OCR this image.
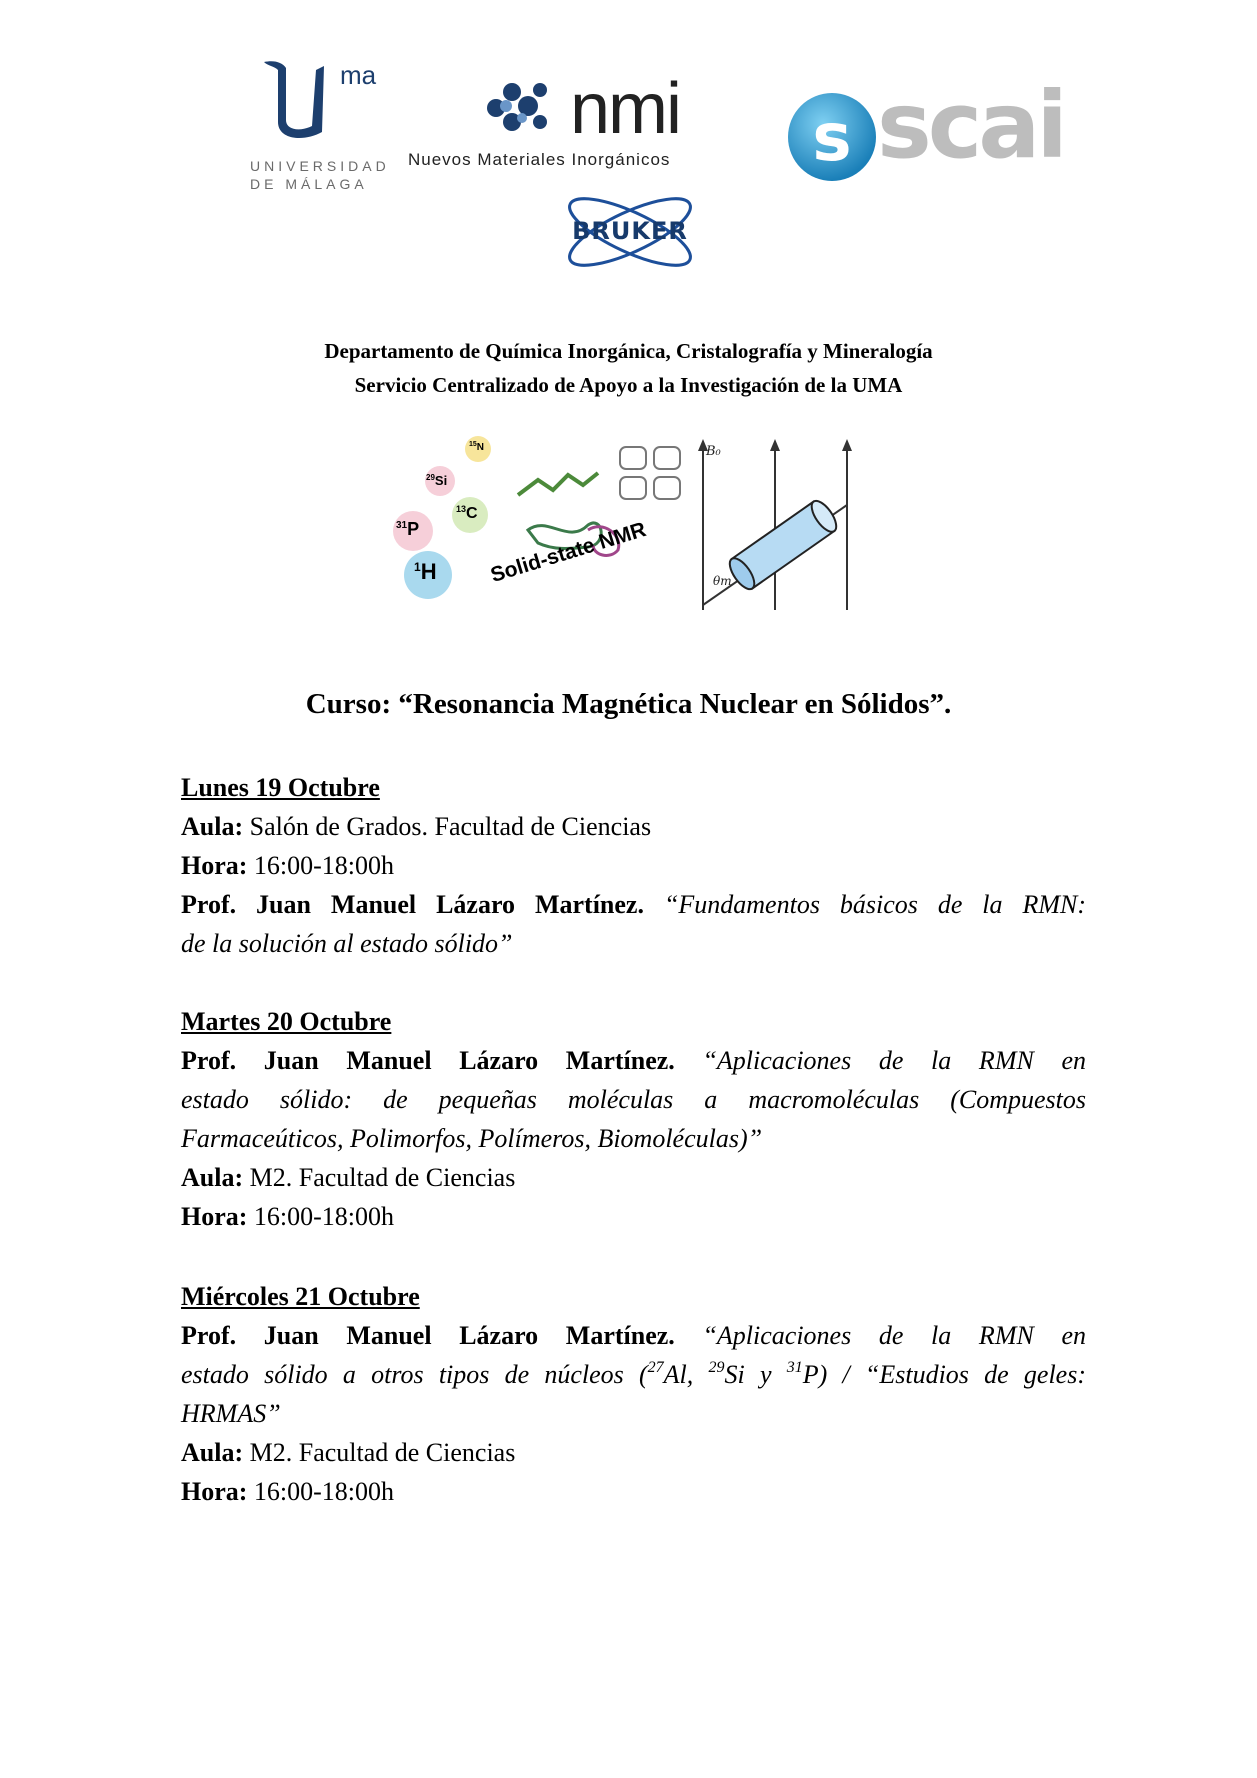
ma
UNIVERSIDAD
DE MÁLAGA
nmi
Nuevos Materiales Inorgánicos s scai
BRUKER
Departamento de Química Inorgánica, Cristalografía y Mineralogía
Servicio Centralizado de Apoyo a la Investigación de la UMA
B₀
θm
$^1$H
$^{31}$P
$^{29}$Si
$^{13}$C
$^{15}$N
Solid-state NMR
Curso: “Resonancia Magnética Nuclear en Sólidos”.
Lunes 19 Octubre
Aula: Salón de Grados. Facultad de Ciencias
Hora: 16:00-18:00h
Prof. Juan Manuel Lázaro Martínez. “Fundamentos básicos de la RMN:
de la solución al estado sólido”
Martes 20 Octubre
Prof. Juan Manuel Lázaro Martínez. “Aplicaciones de la RMN en
estado sólido: de pequeñas moléculas a macromoléculas (Compuestos
Farmaceúticos, Polimorfos, Polímeros, Biomoléculas)”
Aula: M2. Facultad de Ciencias
Hora: 16:00-18:00h
Miércoles 21 Octubre
Prof. Juan Manuel Lázaro Martínez. “Aplicaciones de la RMN en
estado sólido a otros tipos de núcleos ($^{27}$Al, $^{29}$Si y $^{31}$P) / “Estudios de geles:
HRMAS”
Aula: M2. Facultad de Ciencias
Hora: 16:00-18:00h
